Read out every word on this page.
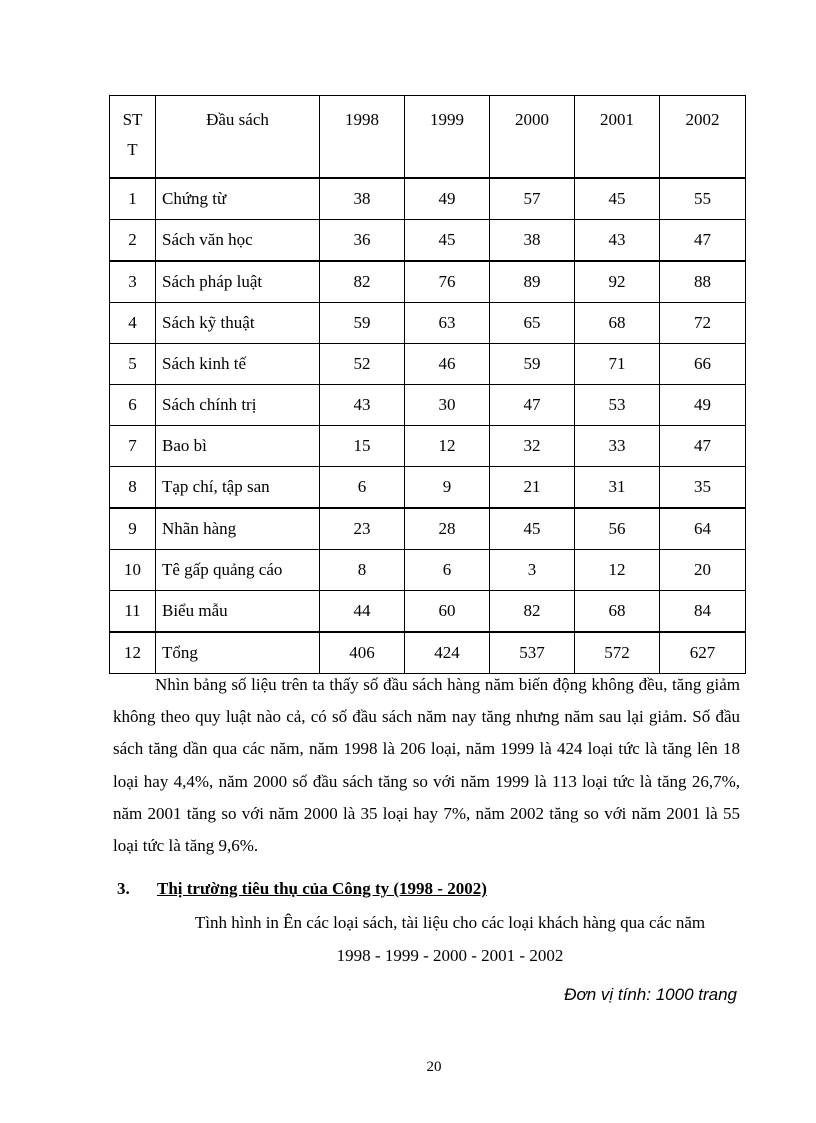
ST T	Đầu sách	1998	1999	2000	2001	2002
1	Chứng từ	38	49	57	45	55
2	Sách văn học	36	45	38	43	47
3	Sách pháp luật	82	76	89	92	88
4	Sách kỹ thuật	59	63	65	68	72
5	Sách kinh tế	52	46	59	71	66
6	Sách chính trị	43	30	47	53	49
7	Bao bì	15	12	32	33	47
8	Tạp chí, tập san	6	9	21	31	35
9	Nhãn hàng	23	28	45	56	64
10	Tê gấp quảng cáo	8	6	3	12	20
11	Biểu mẫu	44	60	82	68	84
12	Tổng	406	424	537	572	627
Nhìn bảng số liệu trên ta thấy số đầu sách hàng năm biến động không đều, tăng giảm không theo quy luật nào cả, có số đầu sách năm nay tăng nhưng năm sau lại giảm. Số đầu sách tăng dần qua các năm, năm 1998 là 206 loại, năm 1999 là 424 loại tức là tăng lên 18 loại hay 4,4%, năm 2000 số đầu sách tăng so với năm 1999 là 113 loại tức là tăng 26,7%, năm 2001 tăng so với năm 2000 là 35 loại hay 7%, năm 2002 tăng so với năm 2001 là 55 loại tức là tăng 9,6%.
3. Thị trường tiêu thụ của Công ty (1998 - 2002)
Tình hình in Ên các loại sách, tài liệu cho các loại khách hàng qua các năm
1998 - 1999 - 2000 - 2001 - 2002
Đơn vị tính: 1000 trang
20
